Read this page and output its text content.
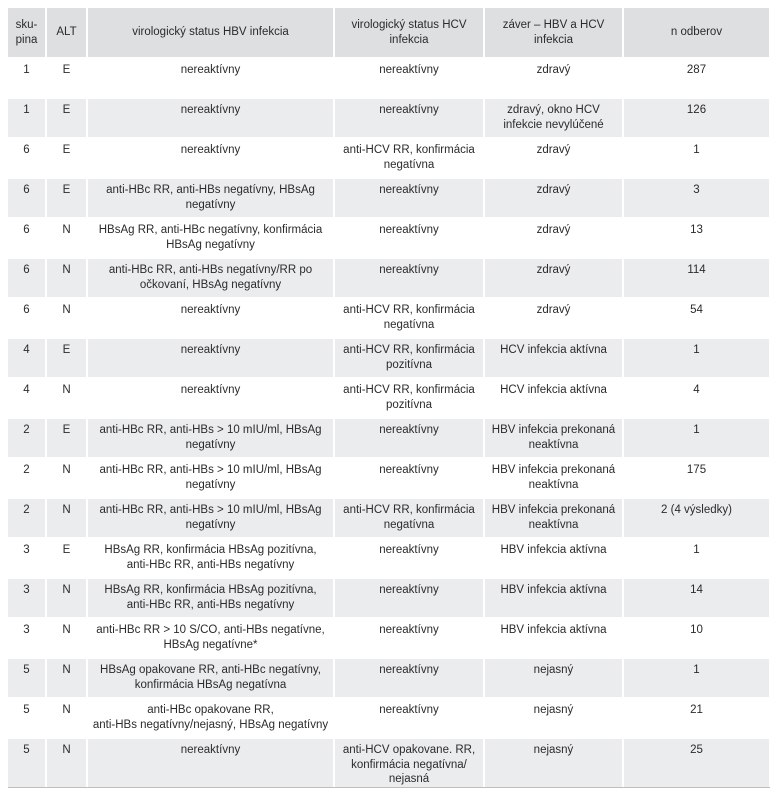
sku-
pina	ALT	virologický status HBV infekcia	virologický status HCV infekcia	záver – HBV a HCV infekcia	n odberov
1	E	nereaktívny	nereaktívny	zdravý	287
1	E	nereaktívny	nereaktívny	zdravý, okno HCV infekcie nevylúčené	126
6	E	nereaktívny	anti-HCV RR, konfirmácia negatívna	zdravý	1
6	E	anti-HBc RR, anti-HBs negatívny, HBsAg negatívny	nereaktívny	zdravý	3
6	N	HBsAg RR, anti-HBc negatívny, konfirmácia HBsAg negatívny	nereaktívny	zdravý	13
6	N	anti-HBc RR, anti-HBs negatívny/RR po očkovaní, HBsAg negatívny	nereaktívny	zdravý	114
6	N	nereaktívny	anti-HCV RR, konfirmácia negatívna	zdravý	54
4	E	nereaktívny	anti-HCV RR, konfirmácia pozitívna	HCV infekcia aktívna	1
4	N	nereaktívny	anti-HCV RR, konfirmácia pozitívna	HCV infekcia aktívna	4
2	E	anti-HBc RR, anti-HBs > 10 mIU/ml, HBsAg negatívny	nereaktívny	HBV infekcia prekonaná neaktívna	1
2	N	anti-HBc RR, anti-HBs > 10 mIU/ml, HBsAg negatívny	nereaktívny	HBV infekcia prekonaná neaktívna	175
2	N	anti-HBc RR, anti-HBs > 10 mIU/ml, HBsAg negatívny	anti-HCV RR, konfirmácia negatívna	HBV infekcia prekonaná neaktívna	2 (4 výsledky)
3	E	HBsAg RR, konfirmácia HBsAg pozitívna, anti-HBc RR, anti-HBs negatívny	nereaktívny	HBV infekcia aktívna	1
3	N	HBsAg RR, konfirmácia HBsAg pozitívna, anti-HBc RR, anti-HBs negatívny	nereaktívny	HBV infekcia aktívna	14
3	N	anti-HBc RR > 10 S/CO, anti-HBs negatívne, HBsAg negatívne*	nereaktívny	HBV infekcia aktívna	10
5	N	HBsAg opakovane RR, anti-HBc negatívny, konfirmácia HBsAg negatívna	nereaktívny	nejasný	1
5	N	anti-HBc opakovane RR,
anti-HBs negatívny/nejasný, HBsAg negatívny	nereaktívny	nejasný	21
5	N	nereaktívny	anti-HCV opakovane. RR, konfirmácia negatívna/ nejasná	nejasný	25
